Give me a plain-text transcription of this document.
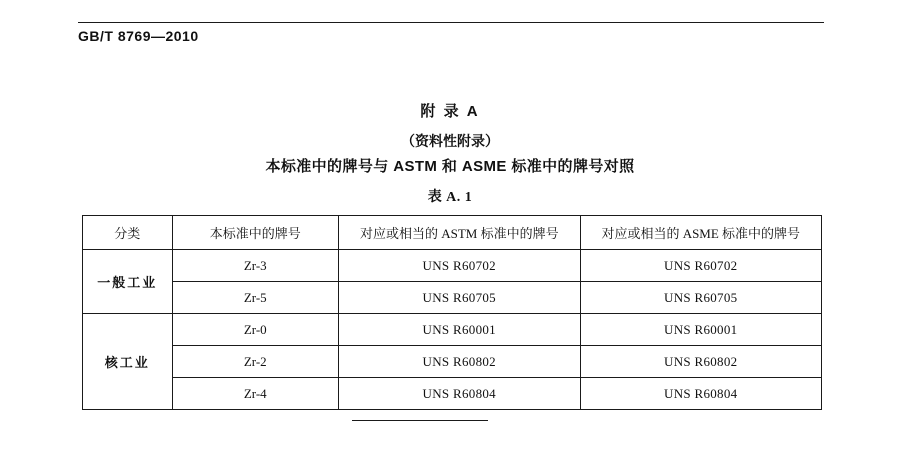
GB/T 8769—2010
附 录 A
（资料性附录）
本标准中的牌号与 ASTM 和 ASME 标准中的牌号对照
表 A. 1
分类	本标准中的牌号	对应或相当的 ASTM 标准中的牌号	对应或相当的 ASME 标准中的牌号
一般工业	Zr-3	UNS R60702	UNS R60702
	Zr-5	UNS R60705	UNS R60705
核工业	Zr-0	UNS R60001	UNS R60001
	Zr-2	UNS R60802	UNS R60802
	Zr-4	UNS R60804	UNS R60804
